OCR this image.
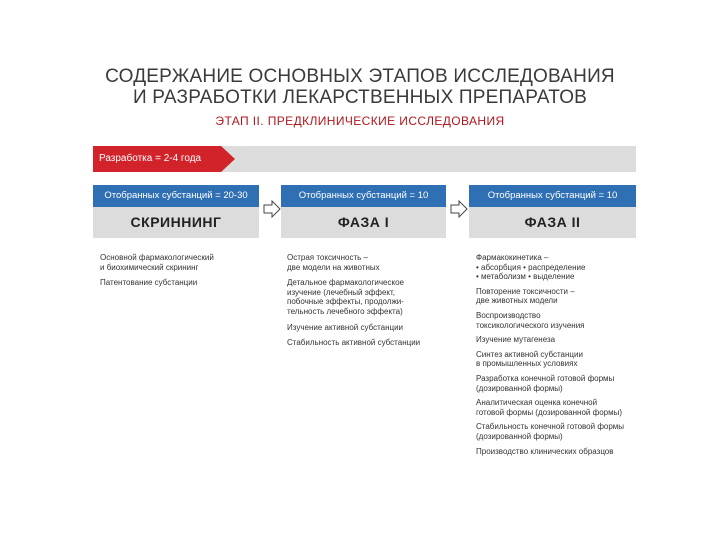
СОДЕРЖАНИЕ ОСНОВНЫХ ЭТАПОВ ИССЛЕДОВАНИЯ
И РАЗРАБОТКИ ЛЕКАРСТВЕННЫХ ПРЕПАРАТОВ
ЭТАП II. ПРЕДКЛИНИЧЕСКИЕ ИССЛЕДОВАНИЯ
Разработка = 2-4 года
Отобранных субстанций = 20-30
СКРИННИНГ
Отобранных субстанций = 10
ФАЗА I
Отобранных субстанций = 10
ФАЗА II
Основной фармакологический
и биохимический скрининг
Патентование субстанции
Острая токсичность –
две модели на животных
Детальное фармакологическое
изучение (лечебный эффект,
побочные эффекты, продолжи-
тельность лечебного эффекта)
Изучение активной субстанции
Стабильность активной субстанции
Фармакокинетика –
• абсорбция • распределение
• метаболизм • выделение
Повторение токсичности –
две животных модели
Воспроизводство
токсикологического изучения
Изучение мутагенеза
Синтез активной субстанции
в промышленных условиях
Разработка конечной готовой формы
(дозированной формы)
Аналитическая оценка конечной
готовой формы (дозированной формы)
Стабильность конечной готовой формы
(дозированной формы)
Производство клинических образцов
